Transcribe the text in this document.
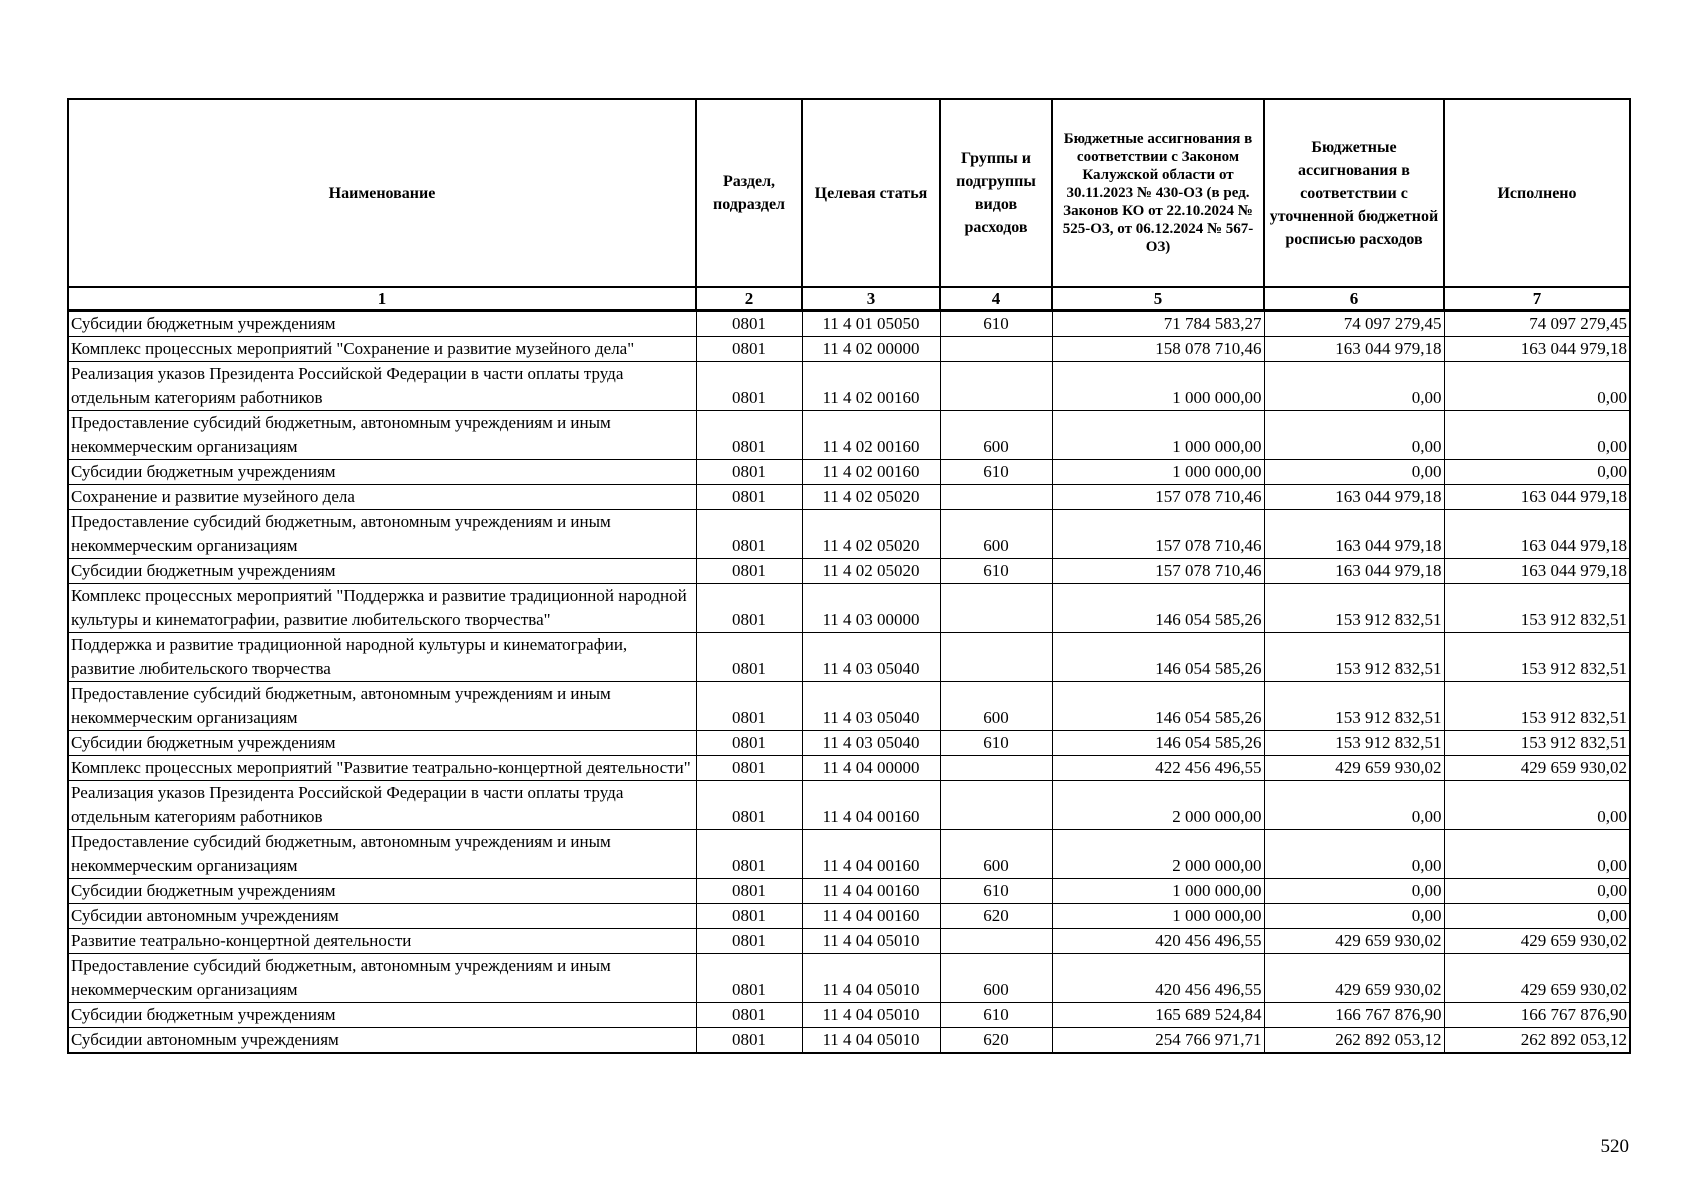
Наименование	Раздел, подраздел	Целевая статья	Группы и подгруппы видов расходов	Бюджетные ассигнования в соответствии с Законом Калужской области от 30.11.2023 № 430-ОЗ (в ред. Законов КО от 22.10.2024 № 525-ОЗ, от 06.12.2024 № 567-ОЗ)	Бюджетные ассигнования в соответствии с уточненной бюджетной росписью расходов	Исполнено
1	2	3	4	5	6	7
Субсидии бюджетным учреждениям	0801	11 4 01 05050	610	71 784 583,27	74 097 279,45	74 097 279,45
Комплекс процессных мероприятий "Сохранение и развитие музейного дела"	0801	11 4 02 00000		158 078 710,46	163 044 979,18	163 044 979,18
Реализация указов Президента Российской Федерации в части оплаты труда отдельным категориям работников	0801	11 4 02 00160		1 000 000,00	0,00	0,00
Предоставление субсидий бюджетным, автономным учреждениям и иным некоммерческим организациям	0801	11 4 02 00160	600	1 000 000,00	0,00	0,00
Субсидии бюджетным учреждениям	0801	11 4 02 00160	610	1 000 000,00	0,00	0,00
Сохранение и развитие музейного дела	0801	11 4 02 05020		157 078 710,46	163 044 979,18	163 044 979,18
Предоставление субсидий бюджетным, автономным учреждениям и иным некоммерческим организациям	0801	11 4 02 05020	600	157 078 710,46	163 044 979,18	163 044 979,18
Субсидии бюджетным учреждениям	0801	11 4 02 05020	610	157 078 710,46	163 044 979,18	163 044 979,18
Комплекс процессных мероприятий "Поддержка и развитие традиционной народной культуры и кинематографии, развитие любительского творчества"	0801	11 4 03 00000		146 054 585,26	153 912 832,51	153 912 832,51
Поддержка и развитие традиционной народной культуры и кинематографии, развитие любительского творчества	0801	11 4 03 05040		146 054 585,26	153 912 832,51	153 912 832,51
Предоставление субсидий бюджетным, автономным учреждениям и иным некоммерческим организациям	0801	11 4 03 05040	600	146 054 585,26	153 912 832,51	153 912 832,51
Субсидии бюджетным учреждениям	0801	11 4 03 05040	610	146 054 585,26	153 912 832,51	153 912 832,51
Комплекс процессных мероприятий "Развитие театрально-концертной деятельности"	0801	11 4 04 00000		422 456 496,55	429 659 930,02	429 659 930,02
Реализация указов Президента Российской Федерации в части оплаты труда отдельным категориям работников	0801	11 4 04 00160		2 000 000,00	0,00	0,00
Предоставление субсидий бюджетным, автономным учреждениям и иным некоммерческим организациям	0801	11 4 04 00160	600	2 000 000,00	0,00	0,00
Субсидии бюджетным учреждениям	0801	11 4 04 00160	610	1 000 000,00	0,00	0,00
Субсидии автономным учреждениям	0801	11 4 04 00160	620	1 000 000,00	0,00	0,00
Развитие театрально-концертной деятельности	0801	11 4 04 05010		420 456 496,55	429 659 930,02	429 659 930,02
Предоставление субсидий бюджетным, автономным учреждениям и иным некоммерческим организациям	0801	11 4 04 05010	600	420 456 496,55	429 659 930,02	429 659 930,02
Субсидии бюджетным учреждениям	0801	11 4 04 05010	610	165 689 524,84	166 767 876,90	166 767 876,90
Субсидии автономным учреждениям	0801	11 4 04 05010	620	254 766 971,71	262 892 053,12	262 892 053,12
520
